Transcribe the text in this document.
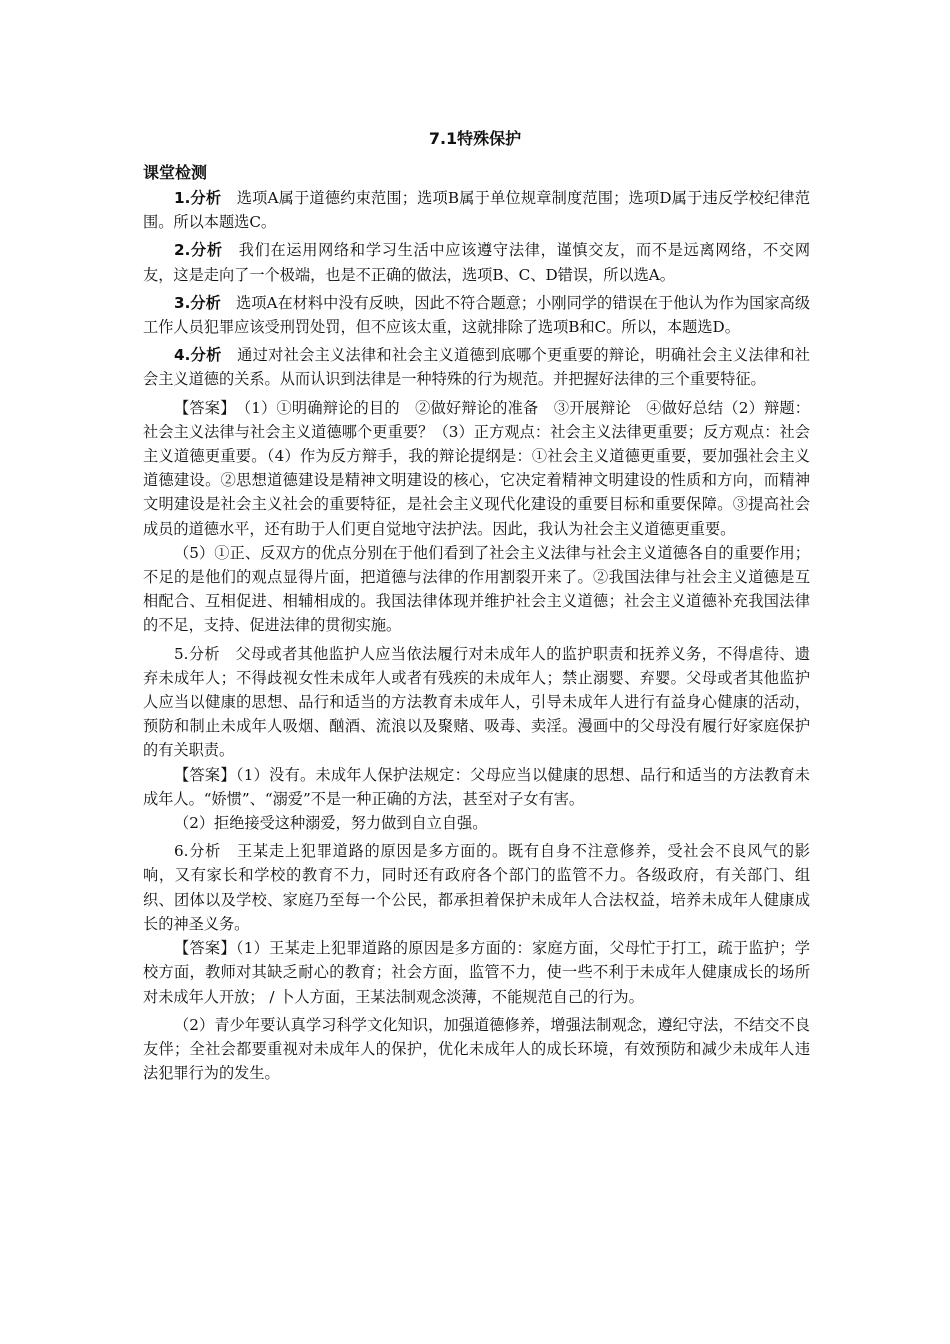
7.1特殊保护
课堂检测

1.分析　选项A属于道德约束范围；选项B属于单位规章制度范围；选项D属于违反学校纪律范围。所以本题选C。

2.分析　我们在运用网络和学习生活中应该遵守法律，谨慎交友，而不是远离网络，不交网友，这是走向了一个极端，也是不正确的做法，选项B、C、D错误，所以选A。

3.分析　选项A在材料中没有反映，因此不符合题意；小刚同学的错误在于他认为作为国家高级工作人员犯罪应该受刑罚处罚，但不应该太重，这就排除了选项B和C。所以，本题选D。

4.分析　通过对社会主义法律和社会主义道德到底哪个更重要的辩论，明确社会主义法律和社会主义道德的关系。从而认识到法律是一种特殊的行为规范。并把握好法律的三个重要特征。

【答案】　（1）①明确辩论的目的　②做好辩论的准备　③开展辩论　④做好总结（2）辩题：社会主义法律与社会主义道德哪个更重要？（3）正方观点：社会主义法律更重要；反方观点：社会主义道德更重要。（4）作为反方辩手，我的辩论提纲是：①社会主义道德更重要，要加强社会主义道德建设。②思想道德建设是精神文明建设的核心，它决定着精神文明建设的性质和方向，而精神文明建设是社会主义社会的重要特征，是社会主义现代化建设的重要目标和重要保障。③提高社会成员的道德水平，还有助于人们更自觉地守法护法。因此，我认为社会主义道德更重要。

（5）①正、反双方的优点分别在于他们看到了社会主义法律与社会主义道德各自的重要作用；不足的是他们的观点显得片面，把道德与法律的作用割裂开来了。②我国法律与社会主义道德是互相配合、互相促进、相辅相成的。我国法律体现并维护社会主义道德；社会主义道德补充我国法律的不足，支持、促进法律的贯彻实施。

5.分析　父母或者其他监护人应当依法履行对未成年人的监护职责和抚养义务，不得虐待、遗弃未成年人；不得歧视女性未成年人或者有残疾的未成年人；禁止溺婴、弃婴。父母或者其他监护人应当以健康的思想、品行和适当的方法教育未成年人，引导未成年人进行有益身心健康的活动，预防和制止未成年人吸烟、酗酒、流浪以及聚赌、吸毒、卖淫。漫画中的父母没有履行好家庭保护的有关职责。

【答案】（1）没有。未成年人保护法规定：父母应当以健康的思想、品行和适当的方法教育未成年人。“娇惯”、“溺爱”不是一种正确的方法，甚至对子女有害。

（2）拒绝接受这种溺爱，努力做到自立自强。

6.分析　王某走上犯罪道路的原因是多方面的。既有自身不注意修养，受社会不良风气的影响，又有家长和学校的教育不力，同时还有政府各个部门的监管不力。各级政府，有关部门、组织、团体以及学校、家庭乃至每一个公民，都承担着保护未成年人合法权益，培养未成年人健康成长的神圣义务。

【答案】（1）王某走上犯罪道路的原因是多方面的：家庭方面，父母忙于打工，疏于监护；学校方面，教师对其缺乏耐心的教育；社会方面，监管不力，使一些不利于未成年人健康成长的场所对未成年人开放； / 卜人方面，王某法制观念淡薄，不能规范自己的行为。

（2）青少年要认真学习科学文化知识，加强道德修养，增强法制观念，遵纪守法，不结交不良友伴；全社会都要重视对未成年人的保护，优化未成年人的成长环境，有效预防和减少未成年人违法犯罪行为的发生。
